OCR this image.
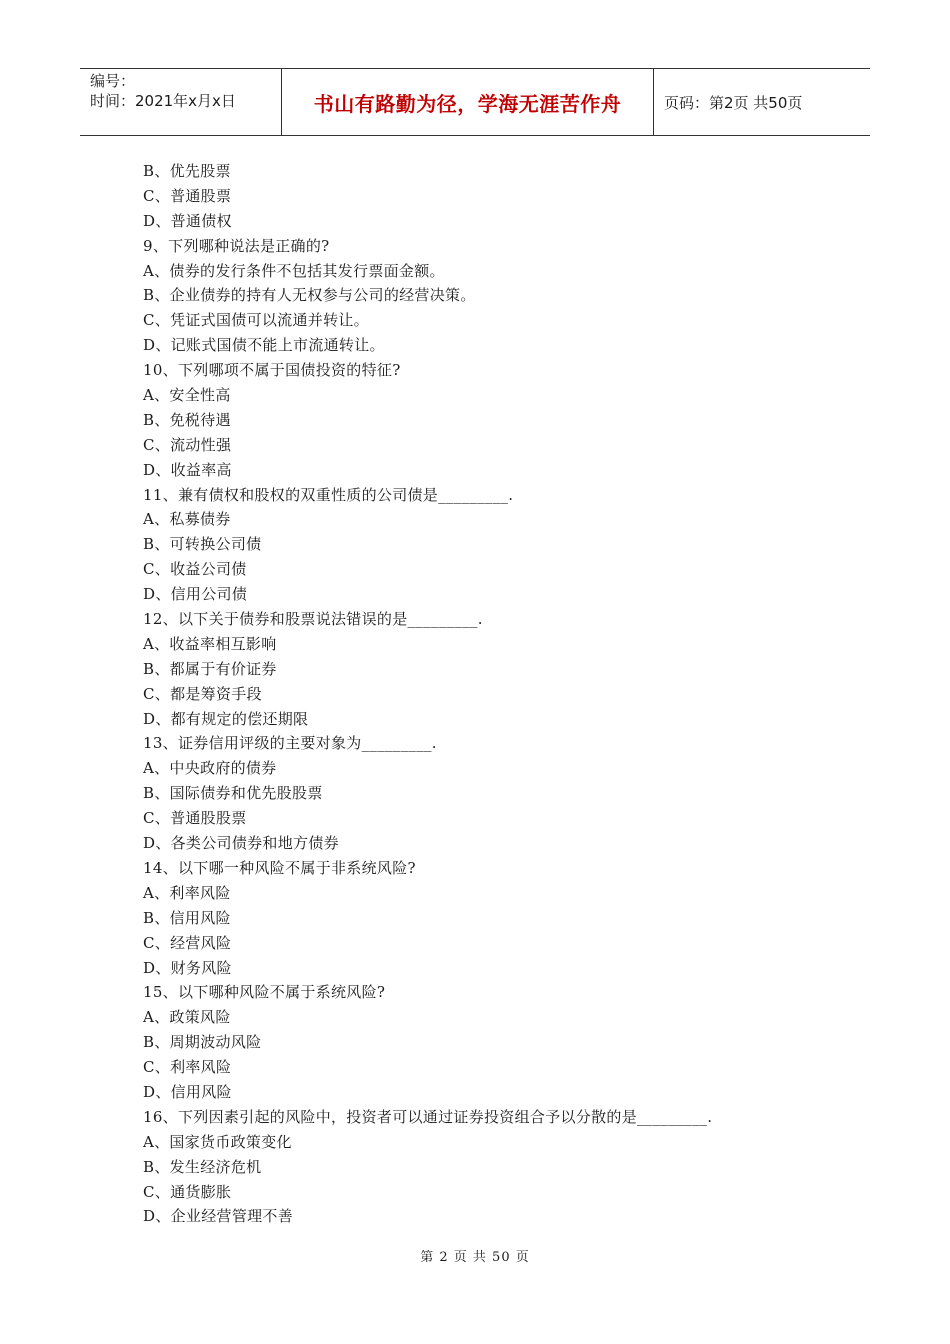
编号：
时间：2021年x月x日	书山有路勤为径，学海无涯苦作舟	页码：第2页 共50页
B、优先股票
C、普通股票
D、普通债权
9、下列哪种说法是正确的?
A、债券的发行条件不包括其发行票面金额。
B、企业债券的持有人无权参与公司的经营决策。
C、凭证式国债可以流通并转让。
D、记账式国债不能上市流通转让。
10、下列哪项不属于国债投资的特征?
A、安全性高
B、免税待遇
C、流动性强
D、收益率高
11、兼有债权和股权的双重性质的公司债是_________.
A、私募债券
B、可转换公司债
C、收益公司债
D、信用公司债
12、以下关于债券和股票说法错误的是_________.
A、收益率相互影响
B、都属于有价证券
C、都是筹资手段
D、都有规定的偿还期限
13、证券信用评级的主要对象为_________.
A、中央政府的债券
B、国际债券和优先股股票
C、普通股股票
D、各类公司债券和地方债券
14、以下哪一种风险不属于非系统风险?
A、利率风险
B、信用风险
C、经营风险
D、财务风险
15、以下哪种风险不属于系统风险?
A、政策风险
B、周期波动风险
C、利率风险
D、信用风险
16、下列因素引起的风险中，投资者可以通过证券投资组合予以分散的是_________.
A、国家货币政策变化
B、发生经济危机
C、通货膨胀
D、企业经营管理不善
第 2 页 共 50 页
